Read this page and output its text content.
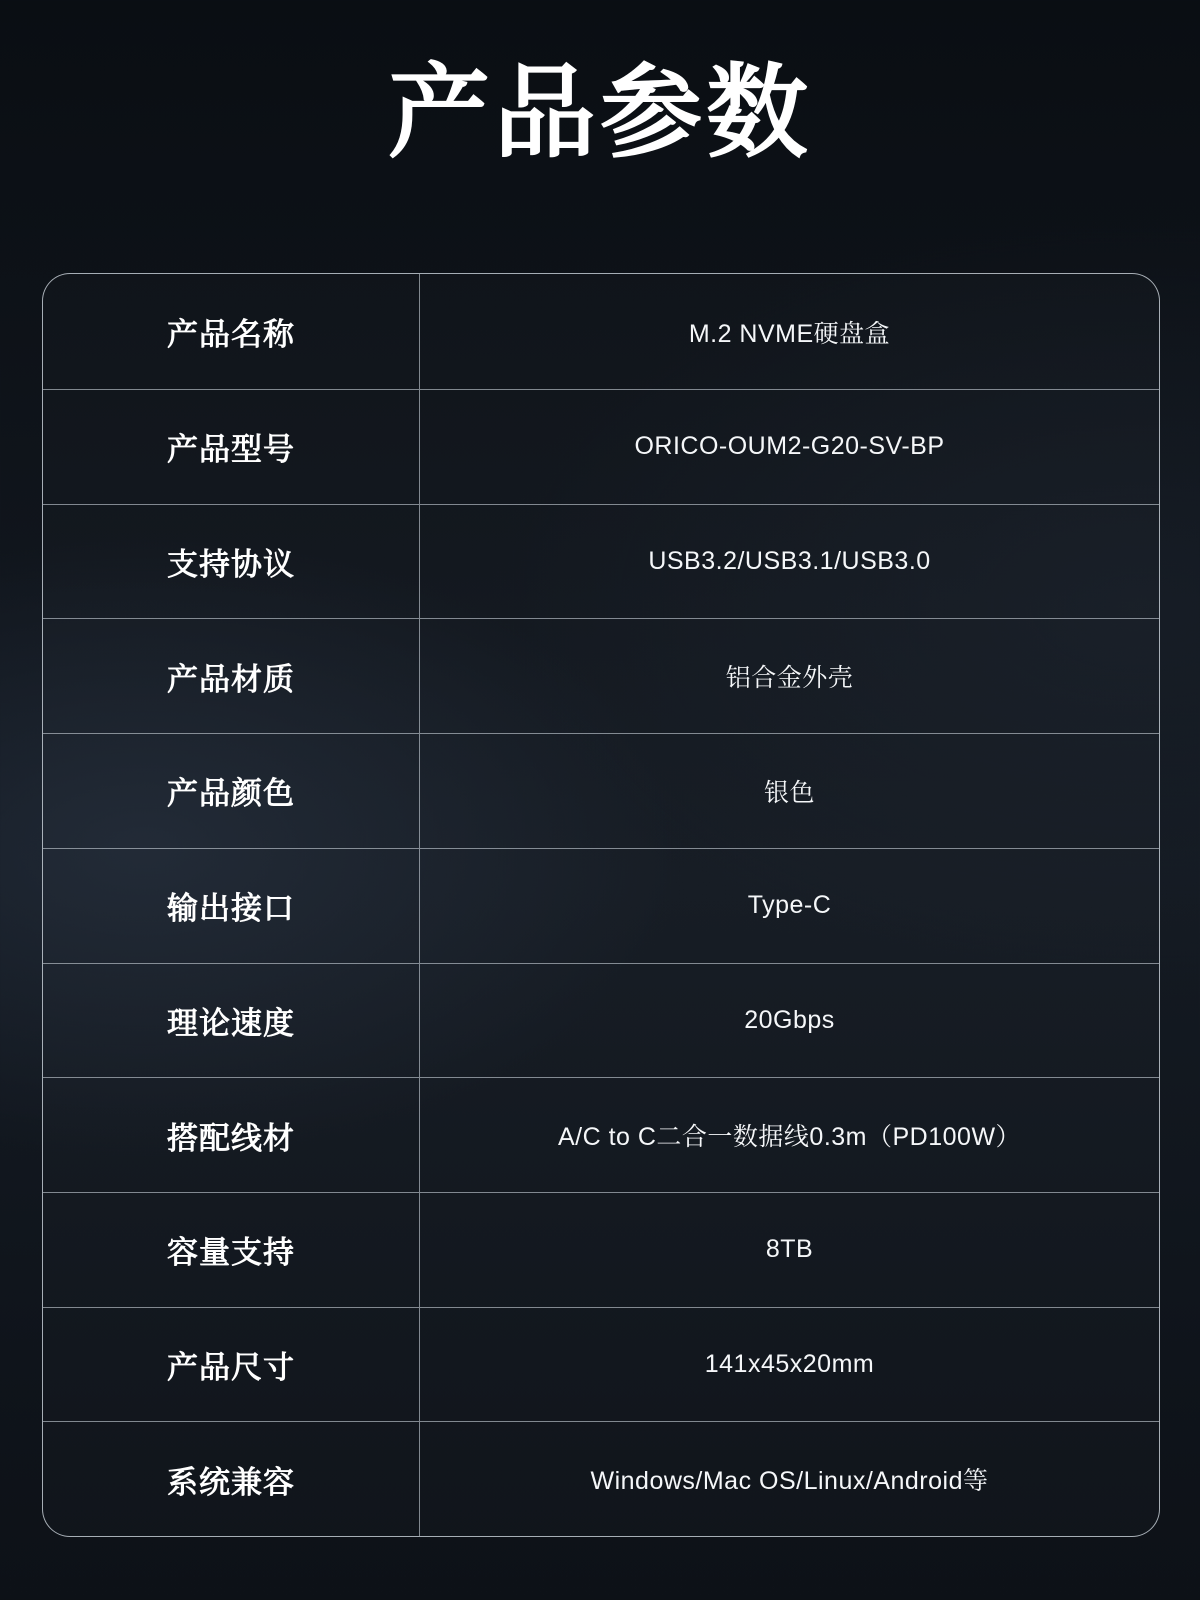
产品参数
产品名称	M.2 NVME硬盘盒
产品型号	ORICO-OUM2-G20-SV-BP
支持协议	USB3.2/USB3.1/USB3.0
产品材质	铝合金外壳
产品颜色	银色
输出接口	Type-C
理论速度	20Gbps
搭配线材	A/C to C二合一数据线0.3m（PD100W）
容量支持	8TB
产品尺寸	141x45x20mm
系统兼容	Windows/Mac OS/Linux/Android等
